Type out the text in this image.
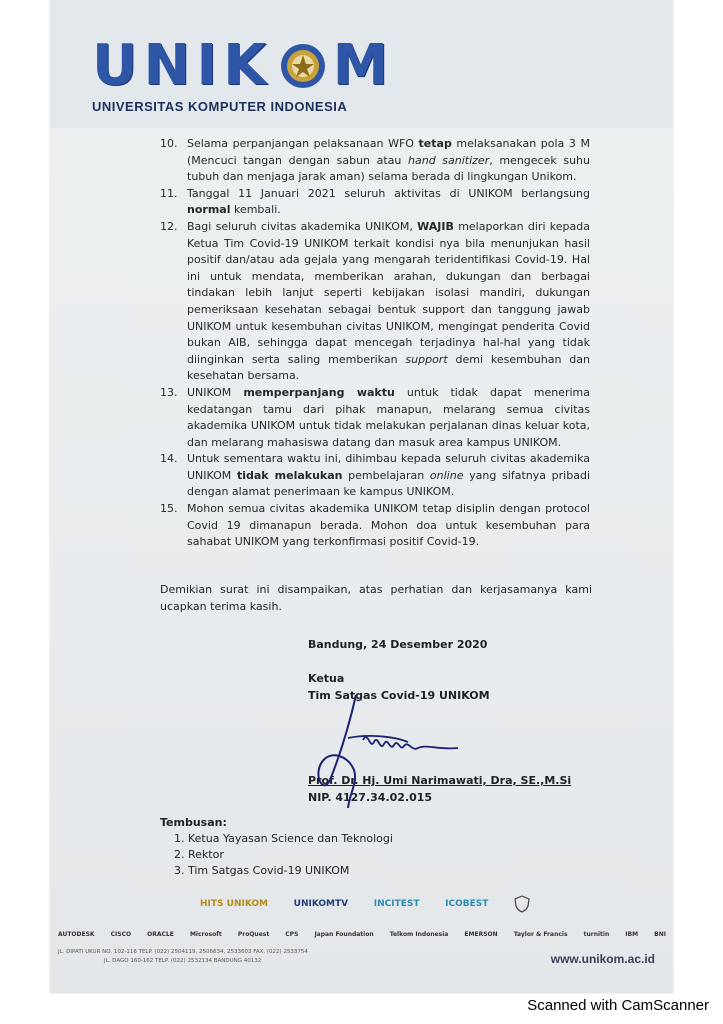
UNIK M
UNIVERSITAS KOMPUTER INDONESIA
10. Selama perpanjangan pelaksanaan WFO tetap melaksanakan pola 3 M (Mencuci tangan dengan sabun atau hand sanitizer, mengecek suhu tubuh dan menjaga jarak aman) selama berada di lingkungan Unikom.
11. Tanggal 11 Januari 2021 seluruh aktivitas di UNIKOM berlangsung normal kembali.
12. Bagi seluruh civitas akademika UNIKOM, WAJIB melaporkan diri kepada Ketua Tim Covid-19 UNIKOM terkait kondisi nya bila menunjukan hasil positif dan/atau ada gejala yang mengarah teridentifikasi Covid-19. Hal ini untuk mendata, memberikan arahan, dukungan dan berbagai tindakan lebih lanjut seperti kebijakan isolasi mandiri, dukungan pemeriksaan kesehatan sebagai bentuk support dan tanggung jawab UNIKOM untuk kesembuhan civitas UNIKOM, mengingat penderita Covid bukan AIB, sehingga dapat mencegah terjadinya hal-hal yang tidak diinginkan serta saling memberikan support demi kesembuhan dan kesehatan bersama.
13. UNIKOM memperpanjang waktu untuk tidak dapat menerima kedatangan tamu dari pihak manapun, melarang semua civitas akademika UNIKOM untuk tidak melakukan perjalanan dinas keluar kota, dan melarang mahasiswa datang dan masuk area kampus UNIKOM.
14. Untuk sementara waktu ini, dihimbau kepada seluruh civitas akademika UNIKOM tidak melakukan pembelajaran online yang sifatnya pribadi dengan alamat penerimaan ke kampus UNIKOM.
15. Mohon semua civitas akademika UNIKOM tetap disiplin dengan protocol Covid 19 dimanapun berada. Mohon doa untuk kesembuhan para sahabat UNIKOM yang terkonfirmasi positif Covid-19.
Demikian surat ini disampaikan, atas perhatian dan kerjasamanya kami ucapkan terima kasih.
Bandung, 24 Desember 2020
Ketua
Tim Satgas Covid-19 UNIKOM
Prof. Dr. Hj. Umi Narimawati, Dra, SE.,M.Si
NIP. 4127.34.02.015
Tembusan:
1. Ketua Yayasan Science dan Teknologi
2. Rektor
3. Tim Satgas Covid-19 UNIKOM
HITS UNIKOM	UNIKOMTV	INCITEST	ICOBEST
AUTODESK	CISCO	ORACLE	Microsoft	ProQuest	CPS	Japan Foundation	Telkom Indonesia	EMERSON	Taylor & Francis	turnitin	IBM	BNI
JL. DIPATI UKUR NO. 102-116 TELP. (022) 2504119, 2506634, 2533603 FAX. (022) 2533754
JL. DAGO 160-162 TELP. (022) 2532134 BANDUNG 40132	www.unikom.ac.id
Scanned with CamScanner
